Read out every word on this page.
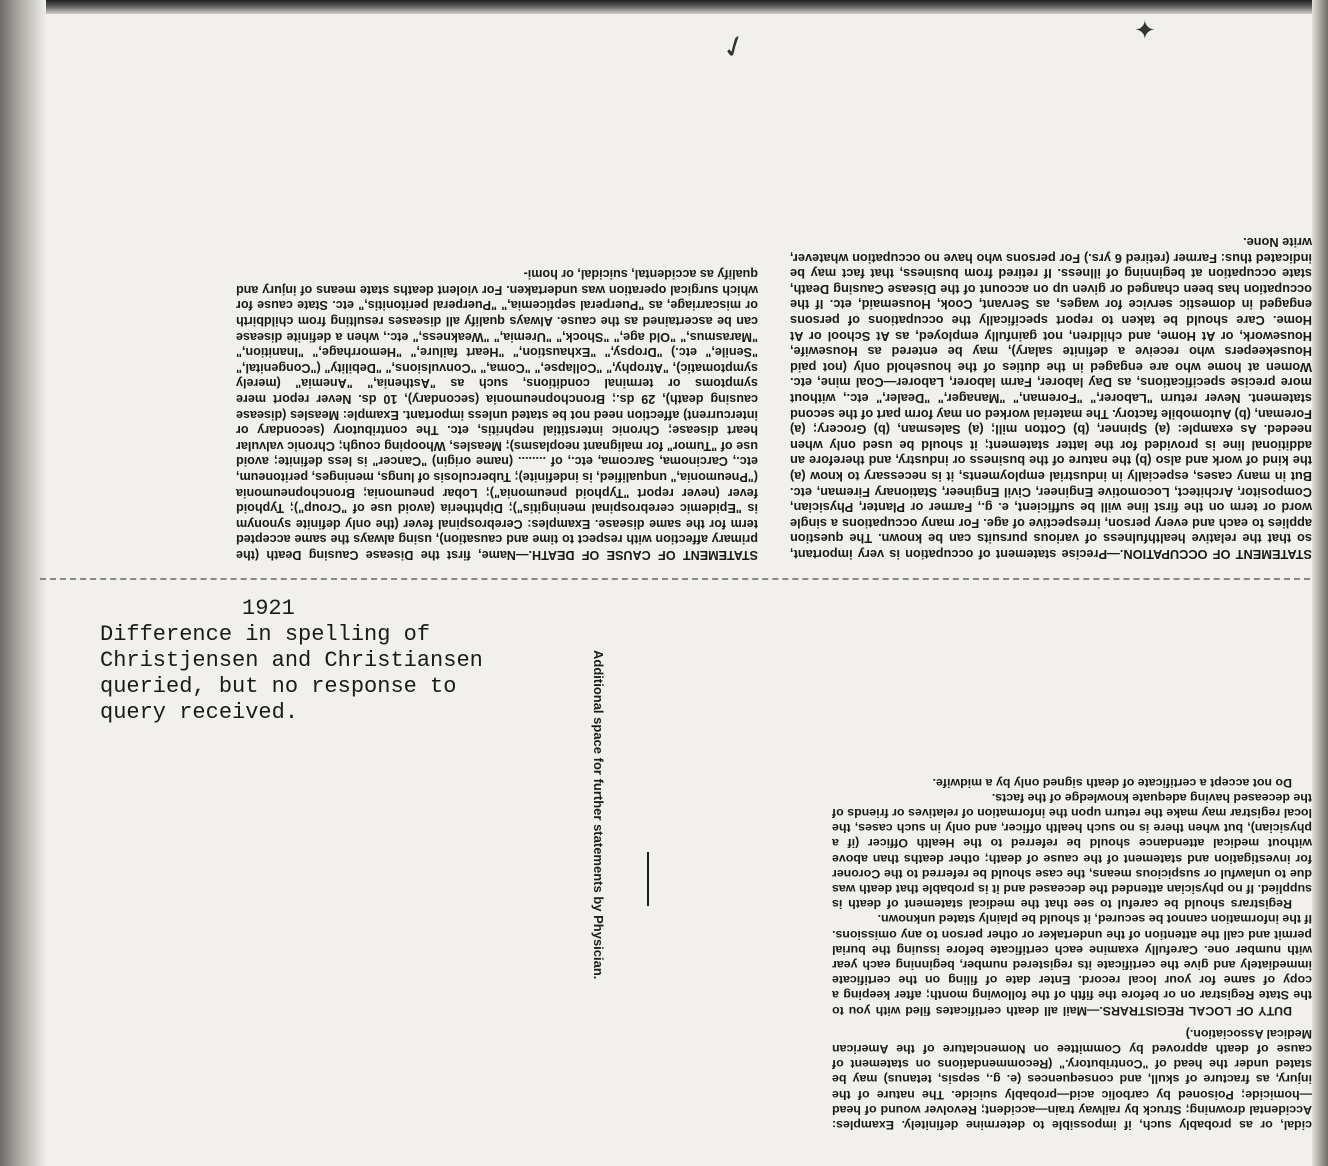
✓	✦

STATEMENT OF OCCUPATION.—Precise statement of occupation is very important, so that the relative healthfulness of various pursuits can be known. The question applies to each and every person, irrespective of age. For many occupations a single word or term on the first line will be sufficient, e. g., Farmer or Planter, Physician, Compositor, Architect, Locomotive Engineer, Civil Engineer, Stationary Fireman, etc. But in many cases, especially in industrial employments, it is necessary to know (a) the kind of work and also (b) the nature of the business or industry, and therefore an additional line is provided for the latter statement; it should be used only when needed. As example: (a) Spinner, (b) Cotton mill; (a) Salesman, (b) Grocery; (a) Foreman, (b) Automobile factory. The material worked on may form part of the second statement. Never return "Laborer," "Foreman," "Manager," "Dealer," etc., without more precise specifications, as Day laborer, Farm laborer, Laborer—Coal mine, etc. Women at home who are engaged in the duties of the household only (not paid Housekeepers who receive a definite salary), may be entered as Housewife, Housework, or At Home, and children, not gainfully employed, as At School or At Home. Care should be taken to report specifically the occupations of persons engaged in domestic service for wages, as Servant, Cook, Housemaid, etc. If the occupation has been changed or given up on account of the Disease Causing Death, state occupation at beginning of illness. If retired from business, that fact may be indicated thus: Farmer (retired 6 yrs.) For persons who have no occupation whatever, write None.

STATEMENT OF CAUSE OF DEATH.—Name, first the Disease Causing Death (the primary affection with respect to time and causation), using always the same accepted term for the same disease. Examples: Cerebrospinal fever (the only definite synonym is "Epidemic cerebrospinal meningitis"); Diphtheria (avoid use of "Croup"); Typhoid fever (never report "Typhoid pneumonia"); Lobar pneumonia; Bronchopneumonia ("Pneumonia," unqualified, is indefinite); Tuberculosis of lungs, meninges, peritoneum, etc., Carcinoma, Sarcoma, etc., of ........ (name origin) "Cancer" is less definite; avoid use of "Tumor" for malignant neoplasms); Measles, Whooping cough; Chronic valvular heart disease; Chronic interstitial nephritis, etc. The contributory (secondary or intercurrent) affection need not be stated unless important. Example: Measles (disease causing death), 29 ds.; Bronchopneumonia (secondary), 10 ds. Never report mere symptoms or terminal conditions, such as "Asthenia," "Anemia" (merely symptomatic), "Atrophy," "Collapse," "Coma," "Convulsions," "Debility" ("Congenital," "Senile," etc.) "Dropsy," "Exhaustion," "Heart failure," "Hemorrhage," "Inanition," "Marasmus," "Old age," "Shock," "Uremia," "Weakness," etc., when a definite disease can be ascertained as the cause. Always qualify all diseases resulting from childbirth or miscarriage, as "Puerperal septicemia," "Puerperal peritonitis," etc. State cause for which surgical operation was undertaken. For violent deaths state means of injury and qualify as accidental, suicidal, or homi-

cidal, or as probably such, if impossible to determine definitely. Examples: Accidental drowning; Struck by railway train—accident; Revolver wound of head —homicide; Poisoned by carbolic acid—probably suicide. The nature of the injury, as fracture of skull, and consequences (e. g., sepsis, tetanus) may be stated under the head of "Contributory." (Recommendations on statement of cause of death approved by Committee on Nomenclature of the American Medical Association.)

DUTY OF LOCAL REGISTRARS.—Mail all death certificates filed with you to the State Registrar on or before the fifth of the following month; after keeping a copy of same for your local record. Enter date of filing on the certificate immediately and give the certificate its registered number, beginning each year with number one. Carefully examine each certificate before issuing the burial permit and call the attention of the undertaker or other person to any omissions. If the information cannot be secured, it should be plainly stated unknown.

Registrars should be careful to see that the medical statement of death is supplied. If no physician attended the deceased and it is probable that death was due to unlawful or suspicious means, the case should be referred to the Coroner for investigation and statement of the cause of death; other deaths than above without medical attendance should be referred to the Health Officer (if a physician), but when there is no such health officer, and only in such cases, the local registrar may make the return upon the information of relatives or friends of the deceased having adequate knowledge of the facts.

Do not accept a certificate of death signed only by a midwife.

Additional space for further statements by Physician.
1921
Difference in spelling of
Christjensen and Christiansen
queried, but no response to
query received.
